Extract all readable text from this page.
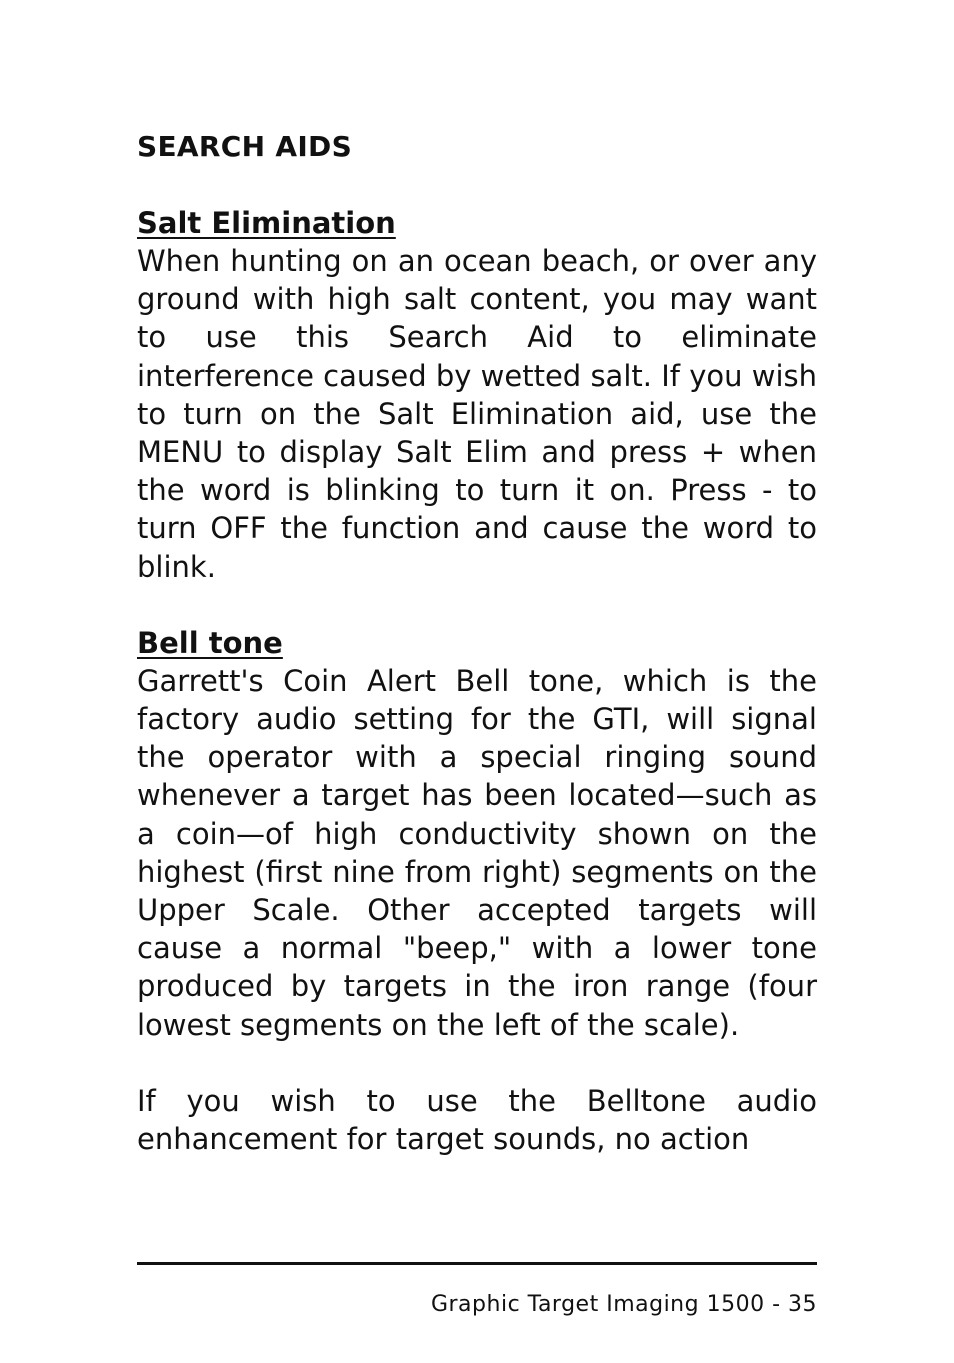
SEARCH AIDS
Salt Elimination

When hunting on an ocean beach, or over any ground with high salt content, you may want to use this Search Aid to eliminate interference caused by wetted salt. If you wish to turn on the Salt Elimination aid, use the MENU to display Salt Elim and press + when the word is blinking to turn it on. Press - to turn OFF the function and cause the word to blink.

Bell tone

Garrett's Coin Alert Bell tone, which is the factory audio setting for the GTI, will signal the operator with a special ringing sound whenever a target has been located—such as a coin—of high conductivity shown on the highest (first nine from right) segments on the Upper Scale. Other accepted targets will cause a normal "beep," with a lower tone produced by targets in the iron range (four lowest segments on the left of the scale).

If you wish to use the Belltone audio enhancement for target sounds, no action

Graphic Target Imaging 1500 - 35
